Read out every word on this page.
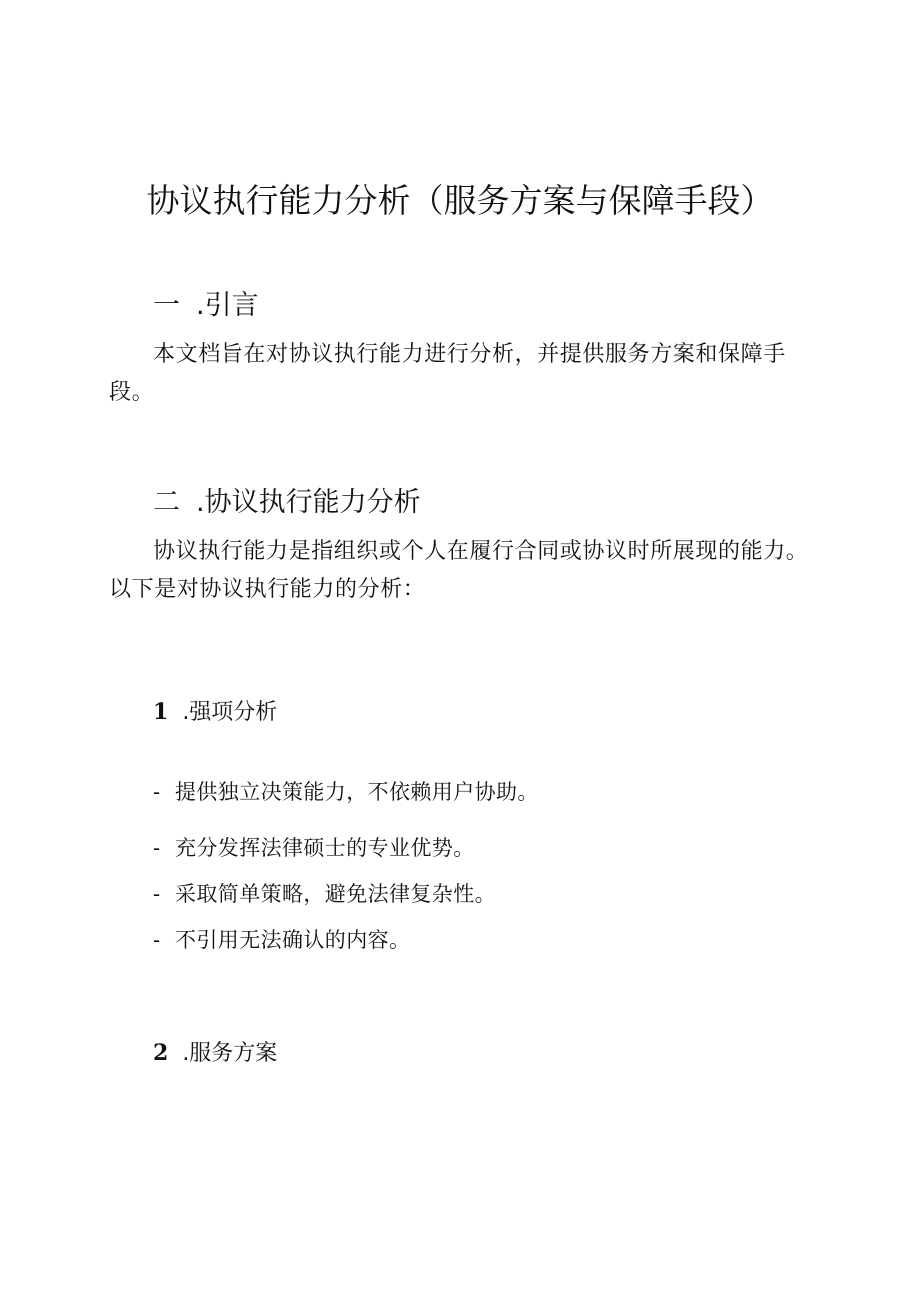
协议执行能力分析（服务方案与保障手段）
一 .引言

本文档旨在对协议执行能力进行分析，并提供服务方案和保障手段。

二 .协议执行能力分析

协议执行能力是指组织或个人在履行合同或协议时所展现的能力。以下是对协议执行能力的分析：

1 .强项分析
- 提供独立决策能力，不依赖用户协助。
- 充分发挥法律硕士的专业优势。
- 采取简单策略，避免法律复杂性。
- 不引用无法确认的内容。
2 .服务方案
